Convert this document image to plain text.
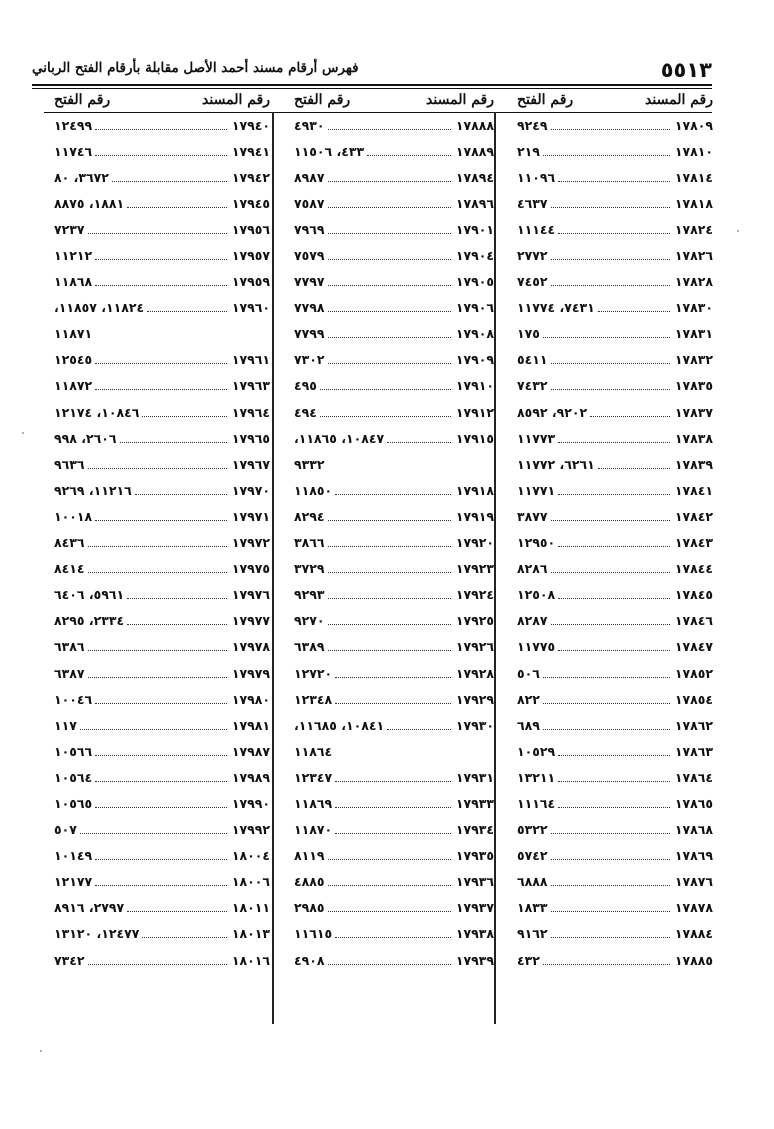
٥٥١٣
فهرس أرقام مسند أحمد الأصل مقابلة بأرقام الفتح الرباني
رقم المسند
رقم الفتح
١٧٨٠٩
٩٢٤٩
١٧٨١٠
٢١٩
١٧٨١٤
١١٠٩٦
١٧٨١٨
٤٦٣٧
١٧٨٢٤
١١١٤٤
١٧٨٢٦
٢٧٧٢
١٧٨٢٨
٧٤٥٢
١٧٨٣٠
٧٤٣١، ١١٧٧٤
١٧٨٣١
١٧٥
١٧٨٣٢
٥٤١١
١٧٨٣٥
٧٤٣٢
١٧٨٣٧
٩٢٠٢، ٨٥٩٢
١٧٨٣٨
١١٧٧٣
١٧٨٣٩
٦٢٦١، ١١٧٧٢
١٧٨٤١
١١٧٧١
١٧٨٤٢
٣٨٧٧
١٧٨٤٣
١٢٩٥٠
١٧٨٤٤
٨٢٨٦
١٧٨٤٥
١٢٥٠٨
١٧٨٤٦
٨٢٨٧
١٧٨٤٧
١١٧٧٥
١٧٨٥٢
٥٠٦
١٧٨٥٤
٨٢٢
١٧٨٦٢
٦٨٩
١٧٨٦٣
١٠٥٢٩
١٧٨٦٤
١٣٢١١
١٧٨٦٥
١١١٦٤
١٧٨٦٨
٥٣٢٢
١٧٨٦٩
٥٧٤٢
١٧٨٧٦
٦٨٨٨
١٧٨٧٨
١٨٣٣
١٧٨٨٤
٩١٦٢
١٧٨٨٥
٤٣٢
رقم المسند
رقم الفتح
١٧٨٨٨
٤٩٣٠
١٧٨٨٩
٤٣٣، ١١٥٠٦
١٧٨٩٤
٨٩٨٧
١٧٨٩٦
٧٥٨٧
١٧٩٠١
٧٩٦٩
١٧٩٠٤
٧٥٧٩
١٧٩٠٥
٧٧٩٧
١٧٩٠٦
٧٧٩٨
١٧٩٠٨
٧٧٩٩
١٧٩٠٩
٧٣٠٢
١٧٩١٠
٤٩٥
١٧٩١٢
٤٩٤
١٧٩١٥
١٠٨٤٧، ١١٨٦٥،
٩٣٣٢
١٧٩١٨
١١٨٥٠
١٧٩١٩
٨٢٩٤
١٧٩٢٠
٣٨٦٦
١٧٩٢٣
٣٧٢٩
١٧٩٢٤
٩٢٩٣
١٧٩٢٥
٩٢٧٠
١٧٩٢٦
٦٣٨٩
١٧٩٢٨
١٢٧٢٠
١٧٩٢٩
١٢٣٤٨
١٧٩٣٠
١٠٨٤١، ١١٦٨٥،
١١٨٦٤
١٧٩٣١
١٢٣٤٧
١٧٩٣٣
١١٨٦٩
١٧٩٣٤
١١٨٧٠
١٧٩٣٥
٨١١٩
١٧٩٣٦
٤٨٨٥
١٧٩٣٧
٢٩٨٥
١٧٩٣٨
١١٦١٥
١٧٩٣٩
٤٩٠٨
رقم المسند
رقم الفتح
١٧٩٤٠
١٢٤٩٩
١٧٩٤١
١١٧٤٦
١٧٩٤٢
٣٦٧٢، ٨٠
١٧٩٤٥
١٨٨١، ٨٨٧٥
١٧٩٥٦
٧٢٣٧
١٧٩٥٧
١١٢١٢
١٧٩٥٩
١١٨٦٨
١٧٩٦٠
١١٨٢٤، ١١٨٥٧،
١١٨٧١
١٧٩٦١
١٢٥٤٥
١٧٩٦٣
١١٨٧٢
١٧٩٦٤
١٠٨٤٦، ١٢١٧٤
١٧٩٦٥
٢٦٠٦، ٩٩٨
١٧٩٦٧
٩٦٣٦
١٧٩٧٠
١١٢١٦، ٩٢٦٩
١٧٩٧١
١٠٠١٨
١٧٩٧٢
٨٤٣٦
١٧٩٧٥
٨٤١٤
١٧٩٧٦
٥٩٦١، ٦٤٠٦
١٧٩٧٧
٢٣٣٤، ٨٢٩٥
١٧٩٧٨
٦٣٨٦
١٧٩٧٩
٦٣٨٧
١٧٩٨٠
١٠٠٤٦
١٧٩٨١
١١٧
١٧٩٨٧
١٠٥٦٦
١٧٩٨٩
١٠٥٦٤
١٧٩٩٠
١٠٥٦٥
١٧٩٩٢
٥٠٧
١٨٠٠٤
١٠١٤٩
١٨٠٠٦
١٢١٧٧
١٨٠١١
٢٧٩٧، ٨٩١٦
١٨٠١٣
١٢٤٧٧، ١٣١٢٠
١٨٠١٦
٧٣٤٢
